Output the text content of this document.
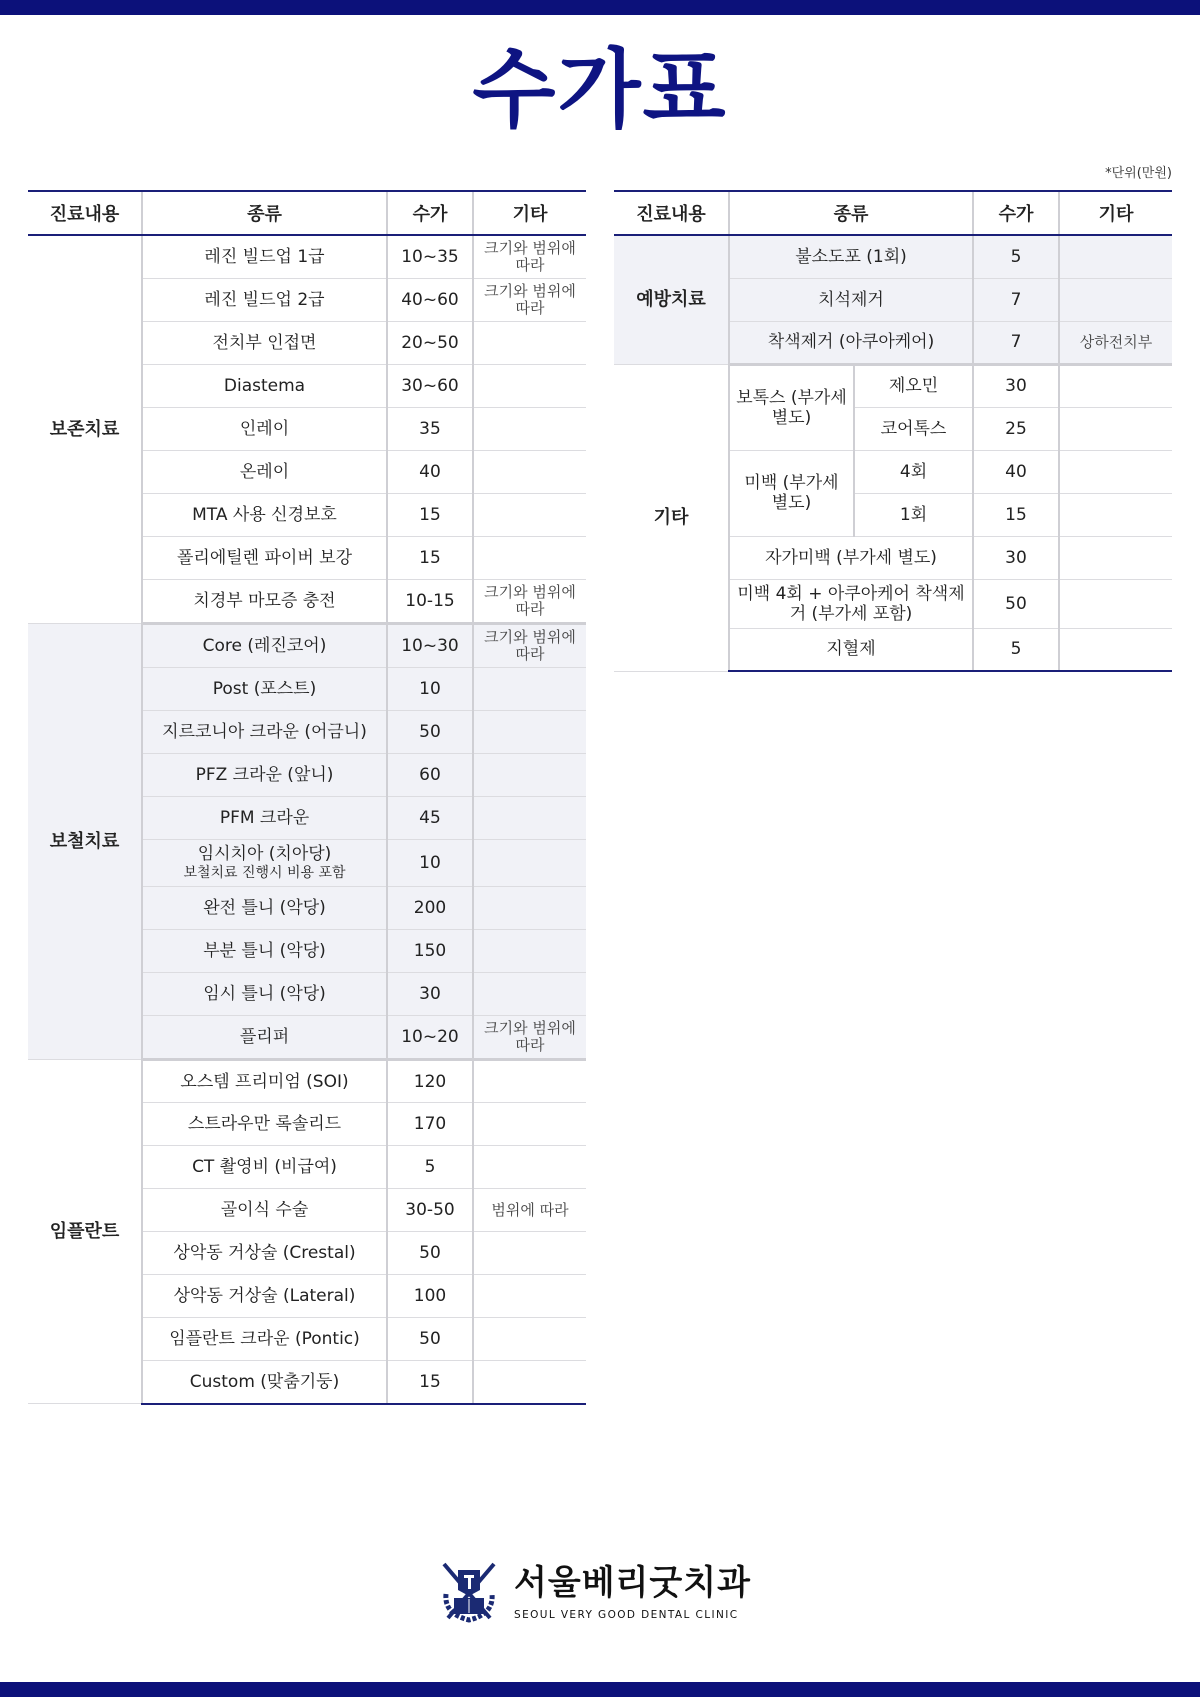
수가표
*단위(만원)
진료내용	종류	수가	기타
보존치료	레진 빌드업 1급	10~35	크기와 범위애 따라

	레진 빌드업 2급	40~60	크기와 범위에 따라

	전치부 인접면	20~50	

	Diastema	30~60	

	인레이	35	

	온레이	40	

	MTA 사용 신경보호	15	

	폴리에틸렌 파이버 보강	15	

	치경부 마모증 충전	10-15	크기와 범위에 따라
보철치료	Core (레진코어)	10~30	크기와 범위에 따라

	Post (포스트)	10	

	지르코니아 크라운 (어금니)	50	

	PFZ 크라운 (앞니)	60	

	PFM 크라운	45	

	임시치아 (치아당)
보철치료 진행시 비용 포함	10	

	완전 틀니 (악당)	200	

	부분 틀니 (악당)	150	

	임시 틀니 (악당)	30	

	플리퍼	10~20	크기와 범위에 따라
임플란트	오스템 프리미엄 (SOI)	120	

	스트라우만 록솔리드	170	

	CT 촬영비 (비급여)	5	

	골이식 수술	30-50	범위에 따라

	상악동 거상술 (Crestal)	50	

	상악동 거상술 (Lateral)	100	

	임플란트 크라운 (Pontic)	50	

	Custom (맞춤기둥)	15	
진료내용	종류		수가	기타
예방치료	불소도포 (1회)		5	

	치석제거		7	

	착색제거 (아쿠아케어)		7	상하전치부
기타	보톡스 (부가세 별도)	제오민	30	
		코어톡스	25	
	미백 (부가세 별도)	4회	40	
		1회	15	

	자가미백 (부가세 별도)		30	

	미백 4회 + 아쿠아케어 착색제거 (부가세 포함)		50	

	지혈제		5	
서울베리굿치과
SEOUL VERY GOOD DENTAL CLINIC
